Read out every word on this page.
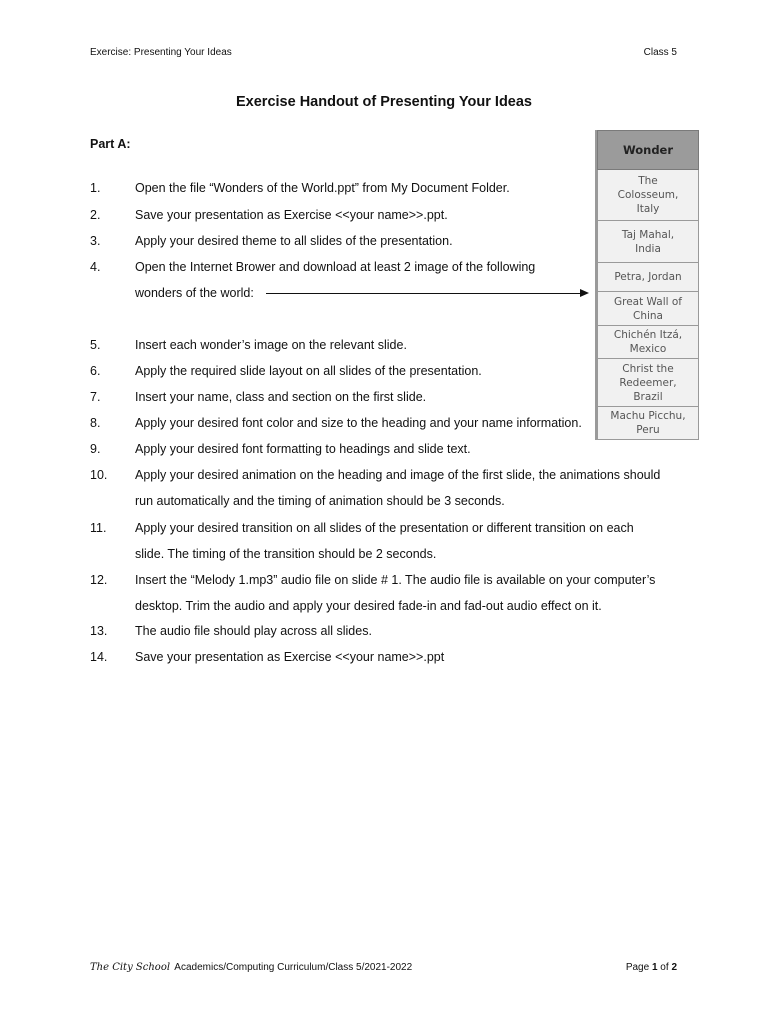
Exercise: Presenting Your Ideas	Class 5
Exercise Handout of Presenting Your Ideas
Part A:
1.	Open the file “Wonders of the World.ppt” from My Document Folder.
2.	Save your presentation as Exercise <<your name>>.ppt.
3.	Apply your desired theme to all slides of the presentation.
4.	Open the Internet Brower and download at least 2 image of the following
wonders of the world:
5.	Insert each wonder’s image on the relevant slide.
6.	Apply the required slide layout on all slides of the presentation.
7.	Insert your name, class and section on the first slide.
8.	Apply your desired font color and size to the heading and your name information.
9.	Apply your desired font formatting to headings and slide text.
10.	Apply your desired animation on the heading and image of the first slide, the animations should
run automatically and the timing of animation should be 3 seconds.
11.	Apply your desired transition on all slides of the presentation or different transition on each
slide. The timing of the transition should be 2 seconds.
12.	Insert the “Melody 1.mp3” audio file on slide # 1. The audio file is available on your computer’s
desktop. Trim the audio and apply your desired fade-in and fad-out audio effect on it.
13.	The audio file should play across all slides.
14.	Save your presentation as Exercise <<your name>>.ppt
Wonder

The
Colosseum,
Italy

Taj Mahal,
India

Petra, Jordan

Great Wall of
China

Chichén Itzá,
Mexico

Christ the
Redeemer,
Brazil

Machu Picchu,
Peru
The City School Academics/Computing Curriculum/Class 5/2021-2022	Page 1 of 2
